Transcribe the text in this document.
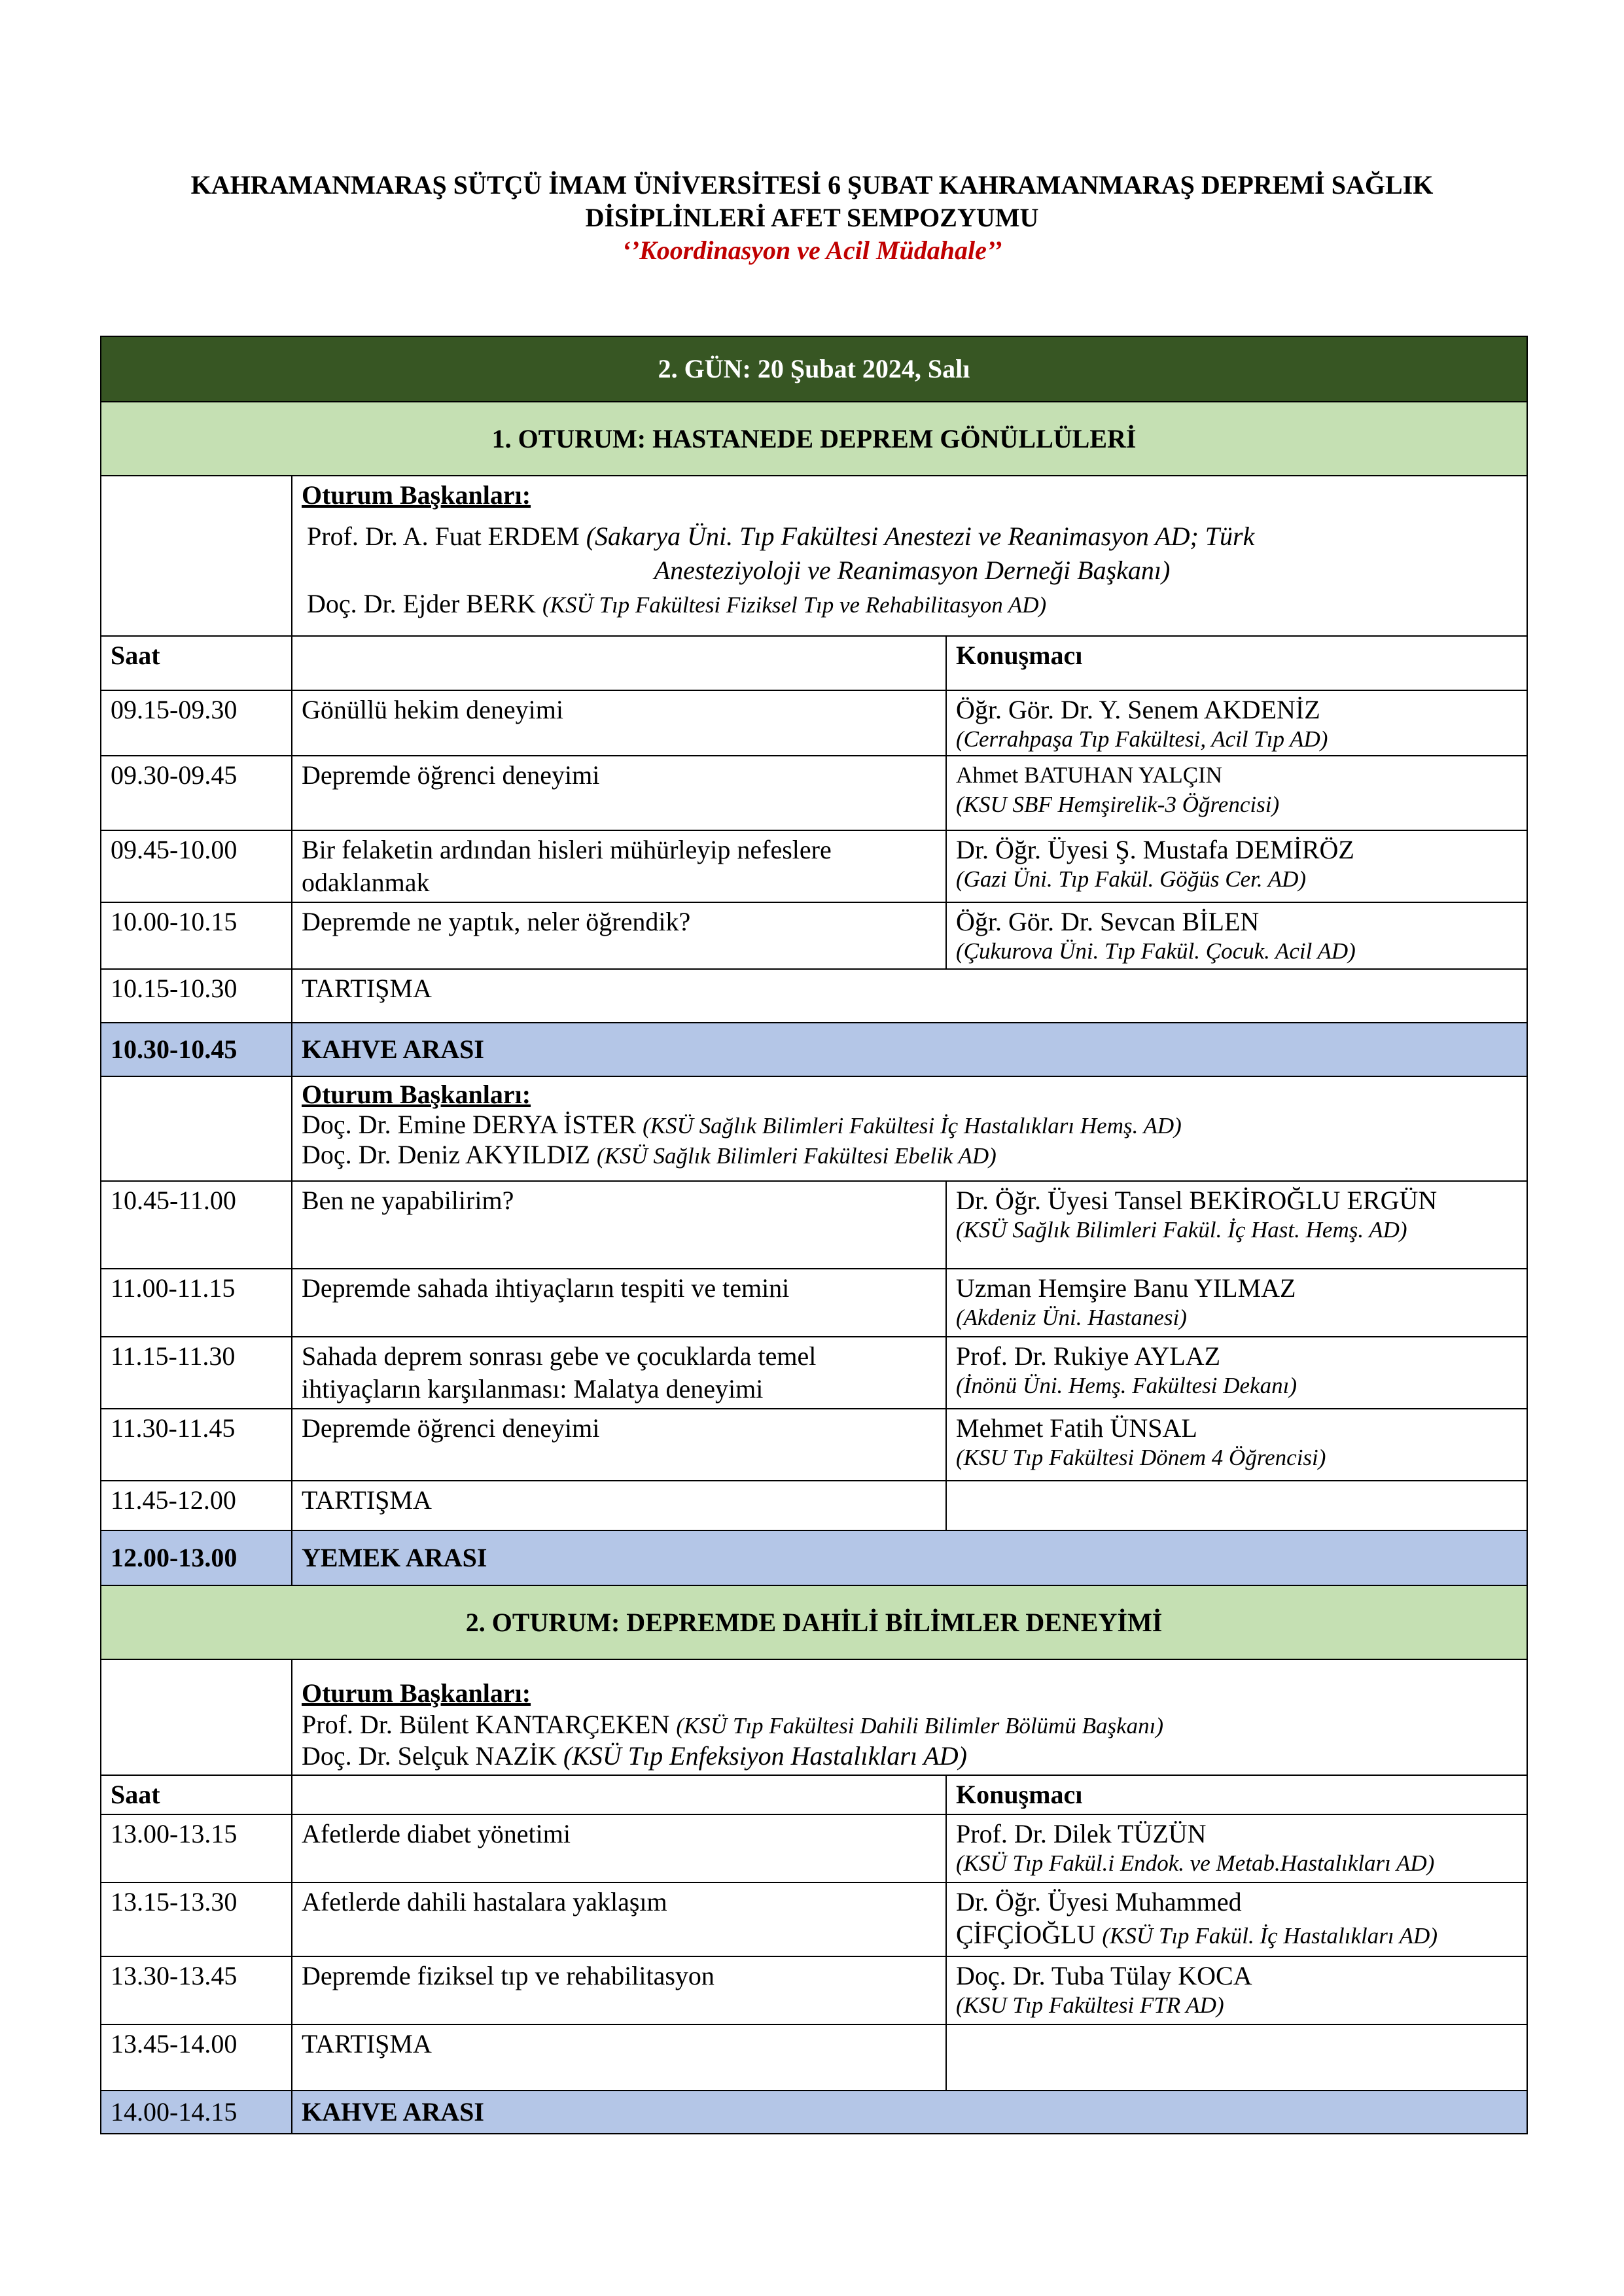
KAHRAMANMARAŞ SÜTÇÜ İMAM ÜNİVERSİTESİ 6 ŞUBAT KAHRAMANMARAŞ DEPREMİ SAĞLIK
DİSİPLİNLERİ AFET SEMPOZYUMU
‘’Koordinasyon ve Acil Müdahale’’
2. GÜN: 20 Şubat 2024, Salı		
1. OTURUM: HASTANEDE DEPREM GÖNÜLLÜLERİ		

	Oturum Başkanları:
Prof. Dr. A. Fuat ERDEM (Sakarya Üni. Tıp Fakültesi Anestezi ve Reanimasyon AD; Türk

Anesteziyoloji ve Reanimasyon Derneği Başkanı)
Doç. Dr. Ejder BERK (KSÜ Tıp Fakültesi Fiziksel Tıp ve Rehabilitasyon AD)	

Saat		Konuşmacı
09.15-09.30	Gönüllü hekim deneyimi	Öğr. Gör. Dr. Y. Senem AKDENİZ
(Cerrahpaşa Tıp Fakültesi, Acil Tıp AD)

09.30-09.45	Depremde öğrenci deneyimi	Ahmet BATUHAN YALÇIN
(KSU SBF Hemşirelik-3 Öğrencisi)

09.45-10.00	Bir felaketin ardından hisleri mühürleyip nefeslere odaklanmak	Dr. Öğr. Üyesi Ş. Mustafa DEMİRÖZ
(Gazi Üni. Tıp Fakül. Göğüs Cer. AD)

10.00-10.15	Depremde ne yaptık, neler öğrendik?	Öğr. Gör. Dr. Sevcan BİLEN
(Çukurova Üni. Tıp Fakül. Çocuk. Acil AD)

10.15-10.30	TARTIŞMA	
10.30-10.45	KAHVE ARASI	

	Oturum Başkanları:
Doç. Dr. Emine DERYA İSTER (KSÜ Sağlık Bilimleri Fakültesi İç Hastalıkları Hemş. AD)
Doç. Dr. Deniz AKYILDIZ (KSÜ Sağlık Bilimleri Fakültesi Ebelik AD)	

10.45-11.00	Ben ne yapabilirim?	Dr. Öğr. Üyesi Tansel BEKİROĞLU ERGÜN
(KSÜ Sağlık Bilimleri Fakül. İç Hast. Hemş. AD)

11.00-11.15	Depremde sahada ihtiyaçların tespiti ve temini	Uzman Hemşire Banu YILMAZ
(Akdeniz Üni. Hastanesi)

11.15-11.30	Sahada deprem sonrası gebe ve çocuklarda temel ihtiyaçların karşılanması: Malatya deneyimi	Prof. Dr. Rukiye AYLAZ
(İnönü Üni. Hemş. Fakültesi Dekanı)

11.30-11.45	Depremde öğrenci deneyimi	Mehmet Fatih ÜNSAL
(KSU Tıp Fakültesi Dönem 4 Öğrencisi)

11.45-12.00	TARTIŞMA	
12.00-13.00	YEMEK ARASI	
2. OTURUM: DEPREMDE DAHİLİ BİLİMLER DENEYİMİ		

	Oturum Başkanları:
Prof. Dr. Bülent KANTARÇEKEN (KSÜ Tıp Fakültesi Dahili Bilimler Bölümü Başkanı)
Doç. Dr. Selçuk NAZİK (KSÜ Tıp Enfeksiyon Hastalıkları AD)	

Saat		Konuşmacı
13.00-13.15	Afetlerde diabet yönetimi	Prof. Dr. Dilek TÜZÜN
(KSÜ Tıp Fakül.i Endok. ve Metab.Hastalıkları AD)

13.15-13.30	Afetlerde dahili hastalara yaklaşım	Dr. Öğr. Üyesi Muhammed
ÇİFÇİOĞLU (KSÜ Tıp Fakül. İç Hastalıkları AD)
13.30-13.45	Depremde fiziksel tıp ve rehabilitasyon	Doç. Dr. Tuba Tülay KOCA
(KSU Tıp Fakültesi FTR AD)

13.45-14.00	TARTIŞMA	
14.00-14.15	KAHVE ARASI	
